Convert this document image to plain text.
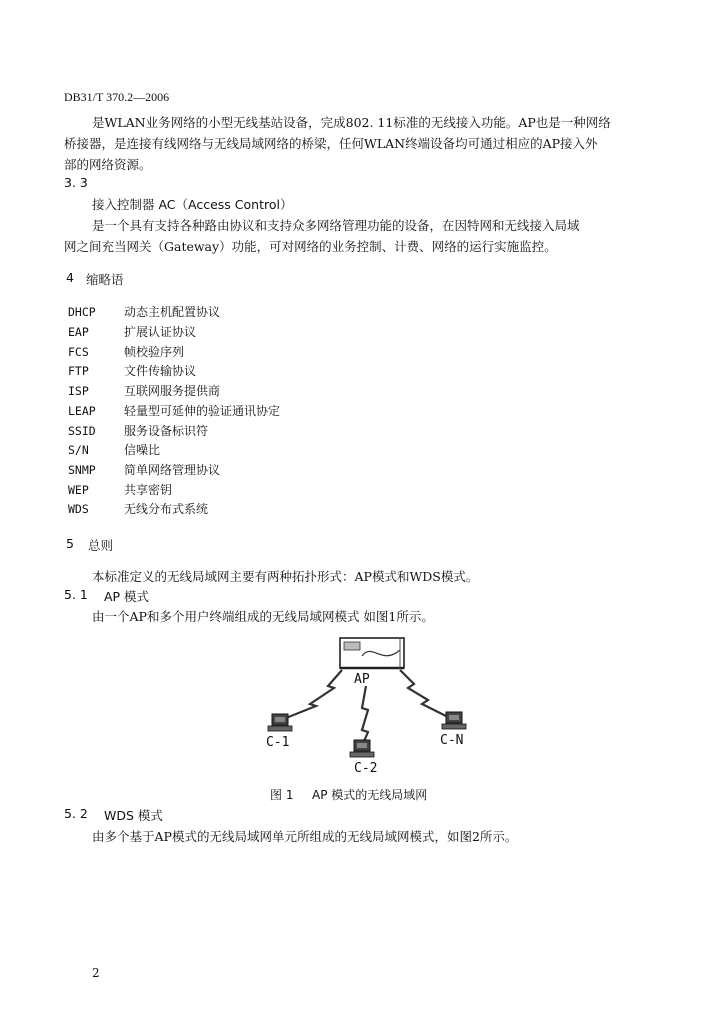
DB31/T 370.2—2006
是WLAN业务网络的小型无线基站设备，完成802. 11标准的无线接入功能。AP也是一种网络
桥接器，是连接有线网络与无线局域网络的桥梁，任何WLAN终端设备均可通过相应的AP接入外
部的网络资源。
3. 3
接入控制器 AC（Access Control）
是一个具有支持各种路由协议和支持众多网络管理功能的设备，在因特网和无线接入局域
网之间充当网关（Gateway）功能，可对网络的业务控制、计费、网络的运行实施监控。
4 缩略语
DHCP 动态主机配置协议
EAP	扩展认证协议
FCS	帧校验序列
FTP	文件传输协议
ISP	互联网服务提供商
LEAP 轻量型可延伸的验证通讯协定
SSID 服务设备标识符
S/N	信噪比
SNMP 简单网络管理协议
WEP	共享密钥
WDS	无线分布式系统
5 总则
本标准定义的无线局域网主要有两种拓扑形式：AP模式和WDS模式。
5. 1 AP 模式
由一个AP和多个用户终端组成的无线局域网模式 如图1所示。
AP
C-1
C-2
C-N
图 1 AP 模式的无线局域网
5. 2 WDS 模式
由多个基于AP模式的无线局域网单元所组成的无线局域网模式，如图2所示。
2
